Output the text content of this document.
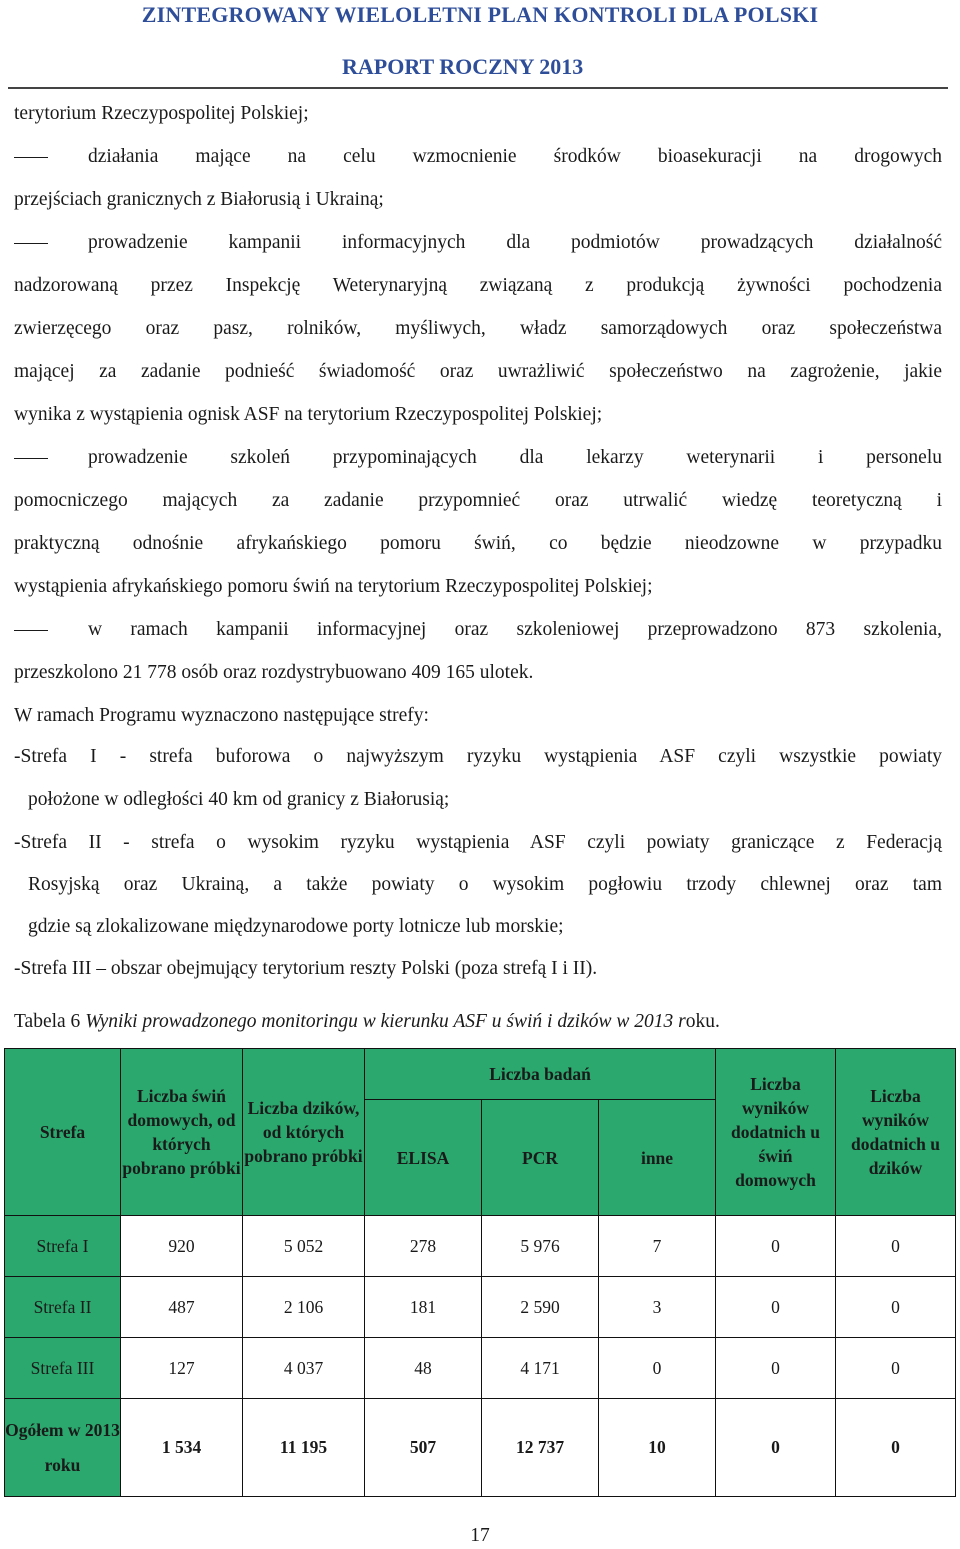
ZINTEGROWANY WIELOLETNI PLAN KONTROLI DLA POLSKI
RAPORT ROCZNY 2013
terytorium Rzeczypospolitej Polskiej;
działania mające na celu wzmocnienie środków bioasekuracji na drogowych
przejściach granicznych z Białorusią i Ukrainą;
prowadzenie kampanii informacyjnych dla podmiotów prowadzących działalność
nadzorowaną przez Inspekcję Weterynaryjną związaną z produkcją żywności pochodzenia
zwierzęcego oraz pasz, rolników, myśliwych, władz samorządowych oraz społeczeństwa
mającej za zadanie podnieść świadomość oraz uwrażliwić społeczeństwo na zagrożenie, jakie
wynika z wystąpienia ognisk ASF na terytorium Rzeczypospolitej Polskiej;
prowadzenie szkoleń przypominających dla lekarzy weterynarii i personelu
pomocniczego mających za zadanie przypomnieć oraz utrwalić wiedzę teoretyczną i
praktyczną odnośnie afrykańskiego pomoru świń, co będzie nieodzowne w przypadku
wystąpienia afrykańskiego pomoru świń na terytorium Rzeczypospolitej Polskiej;
w ramach kampanii informacyjnej oraz szkoleniowej przeprowadzono 873 szkolenia,
przeszkolono 21 778 osób oraz rozdystrybuowano 409 165 ulotek.
W ramach Programu wyznaczono następujące strefy:
-Strefa I - strefa buforowa o najwyższym ryzyku wystąpienia ASF czyli wszystkie powiaty
położone w odległości 40 km od granicy z Białorusią;
-Strefa II - strefa o wysokim ryzyku wystąpienia ASF czyli powiaty graniczące z Federacją
Rosyjską oraz Ukrainą, a także powiaty o wysokim pogłowiu trzody chlewnej oraz tam
gdzie są zlokalizowane międzynarodowe porty lotnicze lub morskie;
-Strefa III – obszar obejmujący terytorium reszty Polski (poza strefą I i II).
Tabela 6 Wyniki prowadzonego monitoringu w kierunku ASF u świń i dzików w 2013 roku.
Strefa	Liczba świń domowych, od których pobrano próbki	Liczba dzików, od których pobrano próbki	Liczba badań			Liczba wyników dodatnich u świń domowych	Liczba wyników dodatnich u dzików
			ELISA	PCR	inne		
Strefa I	920	5 052	278	5 976	7	0	0
Strefa II	487	2 106	181	2 590	3	0	0
Strefa III	127	4 037	48	4 171	0	0	0
Ogółem w 2013 roku	1 534	11 195	507	12 737	10	0	0
17
